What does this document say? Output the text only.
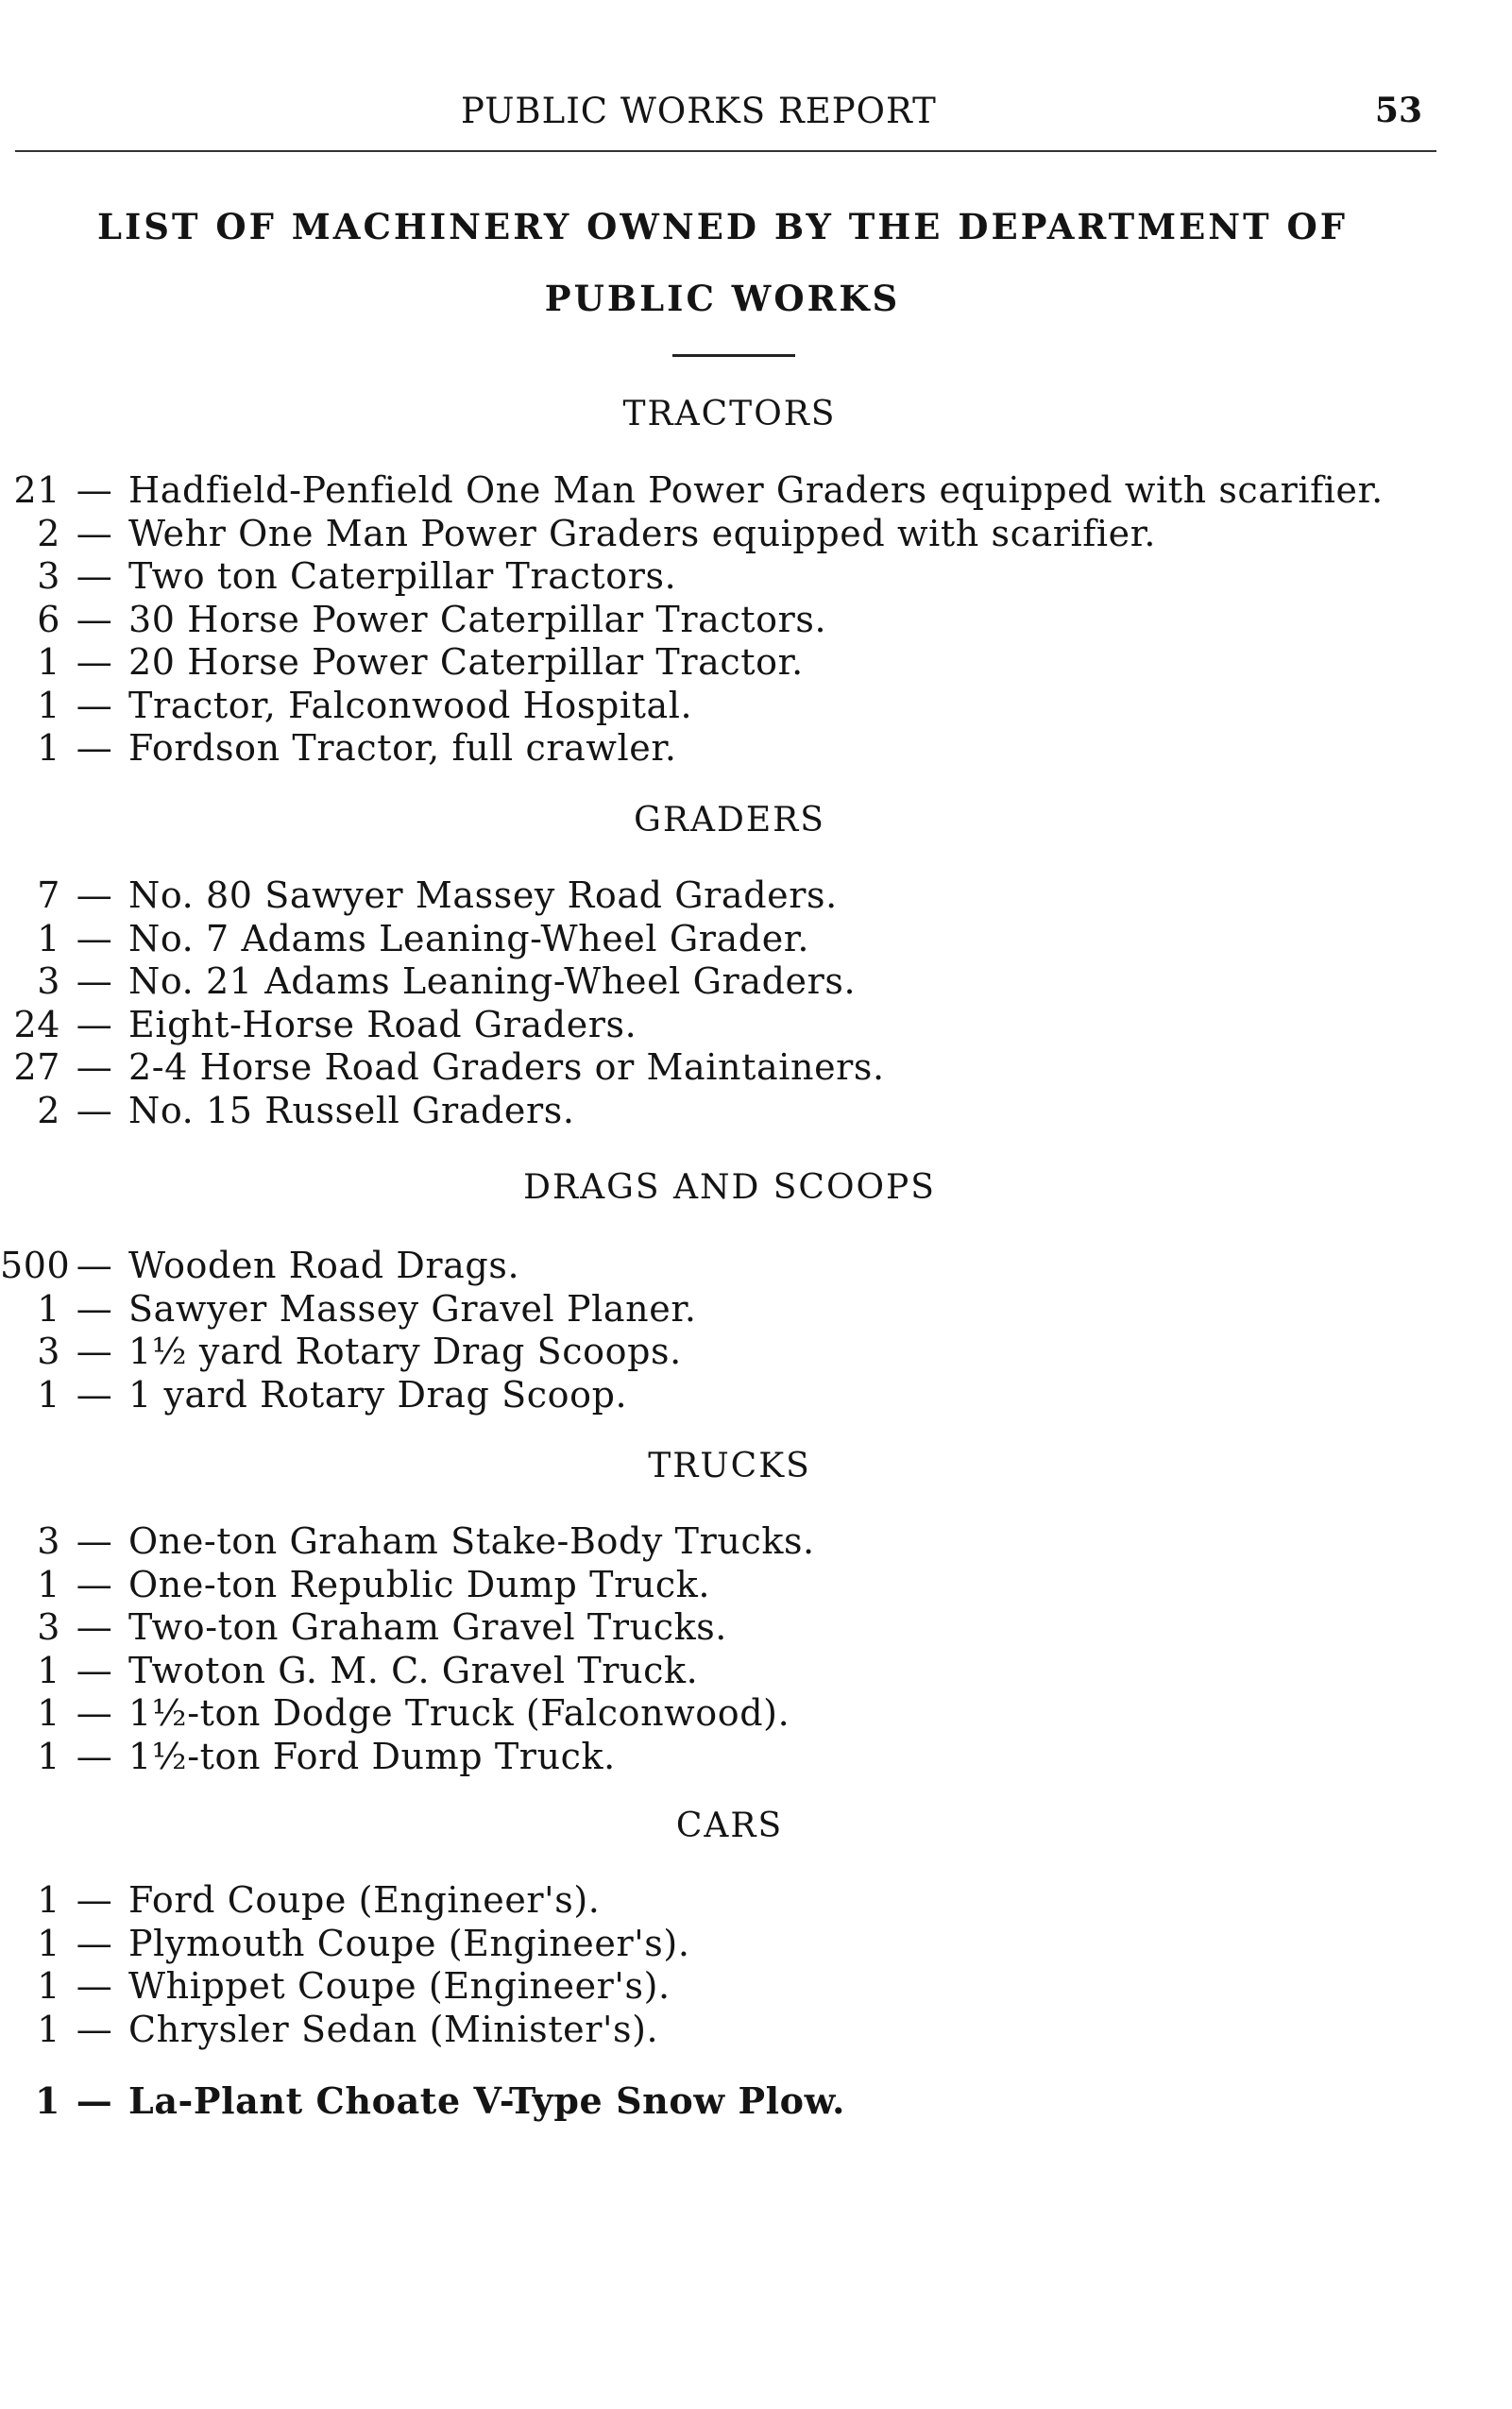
PUBLIC WORKS REPORT	53
LIST OF MACHINERY OWNED BY THE DEPARTMENT OF
PUBLIC WORKS
TRACTORS
21 — Hadfield-Penfield One Man Power Graders equipped with scarifier.
2 — Wehr One Man Power Graders equipped with scarifier.
3 — Two ton Caterpillar Tractors.
6 — 30 Horse Power Caterpillar Tractors.
1 — 20 Horse Power Caterpillar Tractor.
1 — Tractor, Falconwood Hospital.
1 — Fordson Tractor, full crawler.
GRADERS
7 — No. 80 Sawyer Massey Road Graders.
1 — No. 7 Adams Leaning-Wheel Grader.
3 — No. 21 Adams Leaning-Wheel Graders.
24 — Eight-Horse Road Graders.
27 — 2-4 Horse Road Graders or Maintainers.
2 — No. 15 Russell Graders.
DRAGS AND SCOOPS
500 — Wooden Road Drags.
1 — Sawyer Massey Gravel Planer.
3 — 1½ yard Rotary Drag Scoops.
1 — 1 yard Rotary Drag Scoop.
TRUCKS
3 — One-ton Graham Stake-Body Trucks.
1 — One-ton Republic Dump Truck.
3 — Two-ton Graham Gravel Trucks.
1 — Twoton G. M. C. Gravel Truck.
1 — 1½-ton Dodge Truck (Falconwood).
1 — 1½-ton Ford Dump Truck.
CARS
1 — Ford Coupe (Engineer's).
1 — Plymouth Coupe (Engineer's).
1 — Whippet Coupe (Engineer's).
1 — Chrysler Sedan (Minister's).
1 — La-Plant Choate V-Type Snow Plow.
